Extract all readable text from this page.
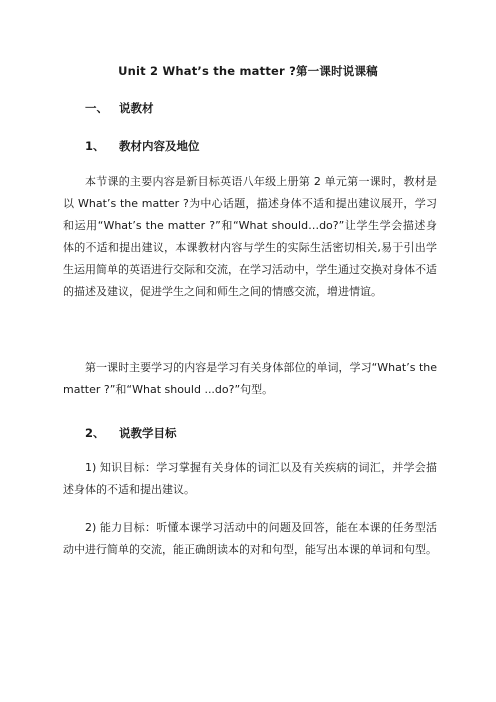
Unit 2 What’s the matter ?第一课时说课稿
一、 说教材
1、 教材内容及地位

本节课的主要内容是新目标英语八年级上册第 2 单元第一课时，教材是以 What’s the matter ?为中心话题，描述身体不适和提出建议展开，学习和运用“What’s the matter ?”和“What should…do?”让学生学会描述身体的不适和提出建议，本课教材内容与学生的实际生活密切相关,易于引出学生运用简单的英语进行交际和交流，在学习活动中，学生通过交换对身体不适的描述及建议，促进学生之间和师生之间的情感交流，增进情谊。

第一课时主要学习的内容是学习有关身体部位的单词，学习“What’s the matter ?”和“What should ...do?”句型。

2、 说教学目标

1) 知识目标：学习掌握有关身体的词汇以及有关疾病的词汇，并学会描述身体的不适和提出建议。

2) 能力目标：听懂本课学习活动中的问题及回答，能在本课的任务型活动中进行简单的交流，能正确朗读本的对和句型，能写出本课的单词和句型。
